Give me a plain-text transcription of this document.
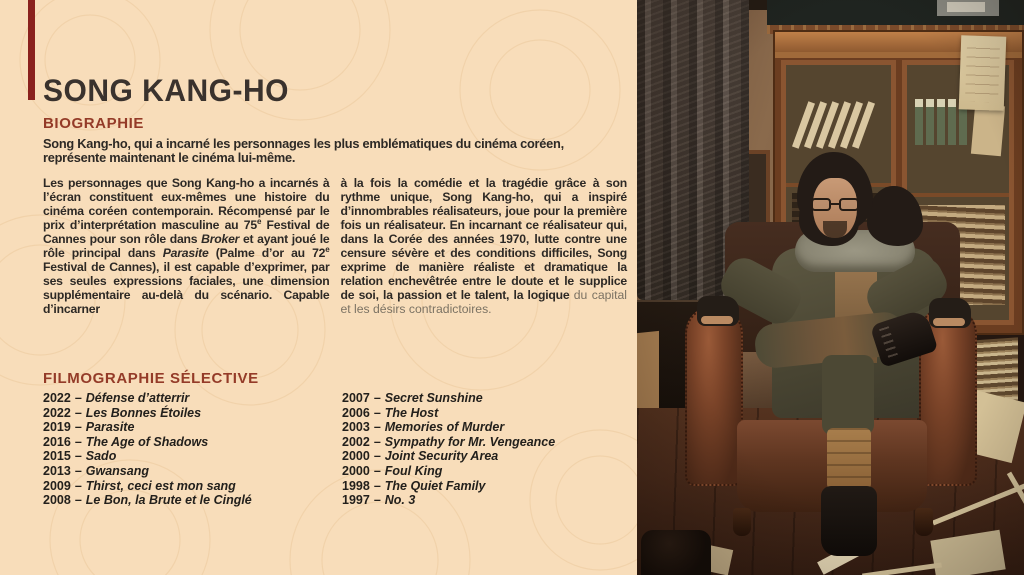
SONG KANG-HO
BIOGRAPHIE

Song Kang-ho, qui a incarné les personnages les plus emblématiques du cinéma coréen, représente maintenant le cinéma lui-même.

Les personnages que Song Kang-ho a incarnés à l’écran constituent eux-mêmes une histoire du cinéma coréen contemporain. Récompensé par le prix d’interprétation masculine au 75e Festival de Cannes pour son rôle dans Broker et ayant joué le rôle principal dans Parasite (Palme d’or au 72e Festival de Cannes), il est capable d’exprimer, par ses seules expressions faciales, une dimension supplémentaire au-delà du scénario. Capable d’incarner

à la fois la comédie et la tragédie grâce à son rythme unique, Song Kang-ho, qui a inspiré d’innombrables réalisateurs, joue pour la première fois un réalisateur. En incarnant ce réalisateur qui, dans la Corée des années 1970, lutte contre une censure sévère et des conditions difficiles, Song exprime de manière réaliste et dramatique la relation enchevêtrée entre le doute et le supplice de soi, la passion et le talent, la logique du capital et les désirs contradictoires.

FILMOGRAPHIE SÉLECTIVE
2022 – Défense d’atterrir
2022 – Les Bonnes Étoiles
2019 – Parasite
2016 – The Age of Shadows
2015 – Sado
2013 – Gwansang
2009 – Thirst, ceci est mon sang
2008 – Le Bon, la Brute et le Cinglé
2007 – Secret Sunshine
2006 – The Host
2003 – Memories of Murder
2002 – Sympathy for Mr. Vengeance
2000 – Joint Security Area
2000 – Foul King
1998 – The Quiet Family
1997 – No. 3
